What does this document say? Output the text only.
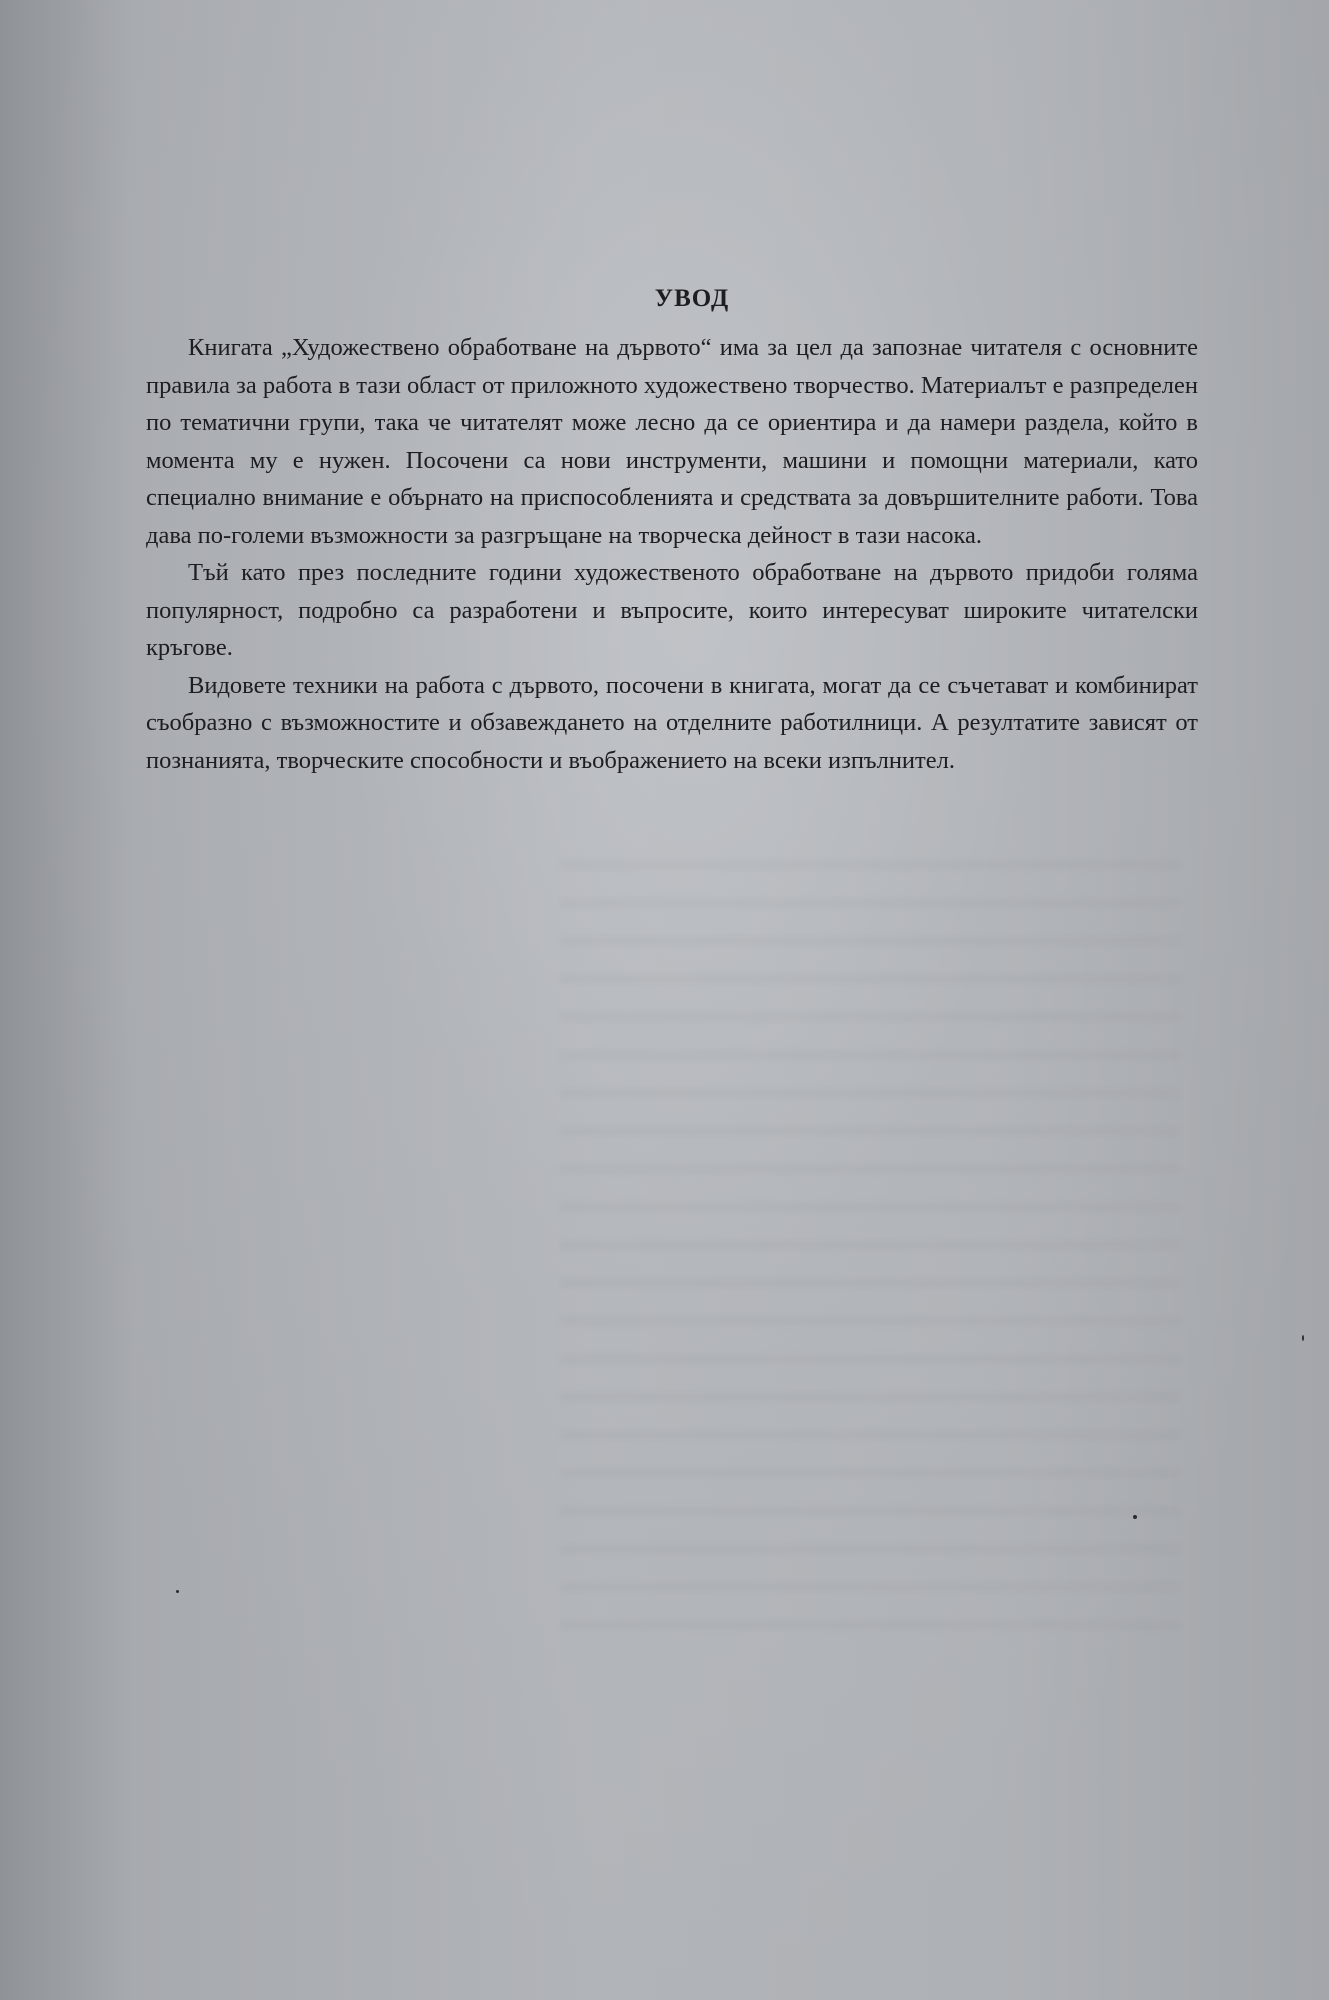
УВОД

Книгата „Художествено обработване на дървото“ има за цел да запознае читателя с основните правила за работа в тази област от приложното художествено творчество. Материалът е разпределен по тематични групи, така че читателят може лесно да се ориентира и да намери раздела, който в момента му е нужен. Посочени са нови инструменти, машини и помощни материали, като специално внимание е обърнато на приспособленията и средствата за довършителните работи. Това дава по-големи възможности за разгръщане на творческа дейност в тази насока.

Тъй като през последните години художественото обработване на дървото придоби голяма популярност, подробно са разработени и въпросите, които интересуват широките читателски кръгове.

Видовете техники на работа с дървото, посочени в книгата, могат да се съчетават и комбинират съобразно с възможностите и обзавеждането на отделните работилници. А резултатите зависят от познанията, творческите способности и въображението на всеки изпълнител.
